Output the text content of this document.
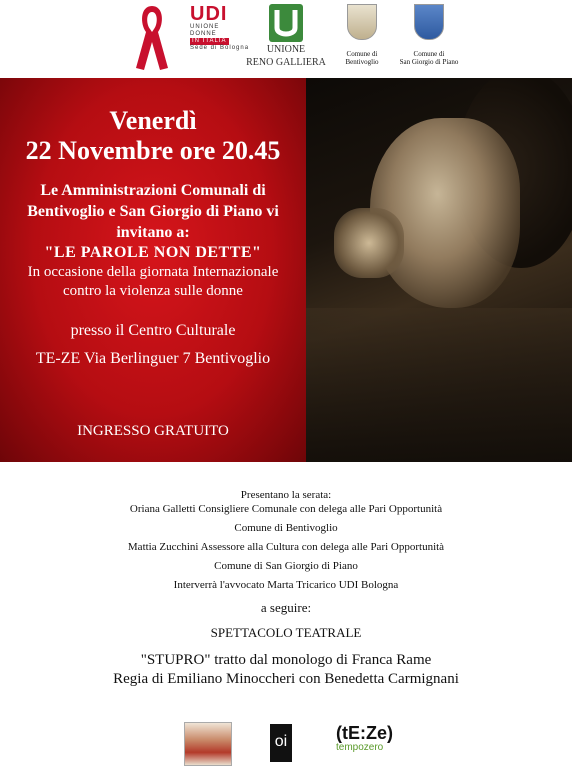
UDI
UNIONE
DONNE
IN ITALIA
Sede di Bologna	UNIONE
RENO GALLIERA
Comune di
Bentivoglio
Comune di
San Giorgio di Piano
Venerdì
22 Novembre ore 20.45
Le Amministrazioni Comunali di Bentivoglio e San Giorgio di Piano vi invitano a:
"LE PAROLE NON DETTE"
In occasione della giornata Internazionale contro la violenza sulle donne
presso il Centro Culturale
TE-ZE Via Berlinguer 7 Bentivoglio
INGRESSO GRATUITO
Presentano la serata:
Oriana Galletti Consigliere Comunale con delega alle Pari Opportunità
Comune di Bentivoglio
Mattia Zucchini Assessore alla Cultura con delega alle Pari Opportunità
Comune di San Giorgio di Piano
Interverrà l'avvocato Marta Tricarico UDI Bologna
a seguire:
SPETTACOLO TEATRALE
"STUPRO" tratto dal monologo di Franca Rame
Regia di Emiliano Minoccheri con Benedetta Carmignani
oi	(tE:Ze)
tempozero
